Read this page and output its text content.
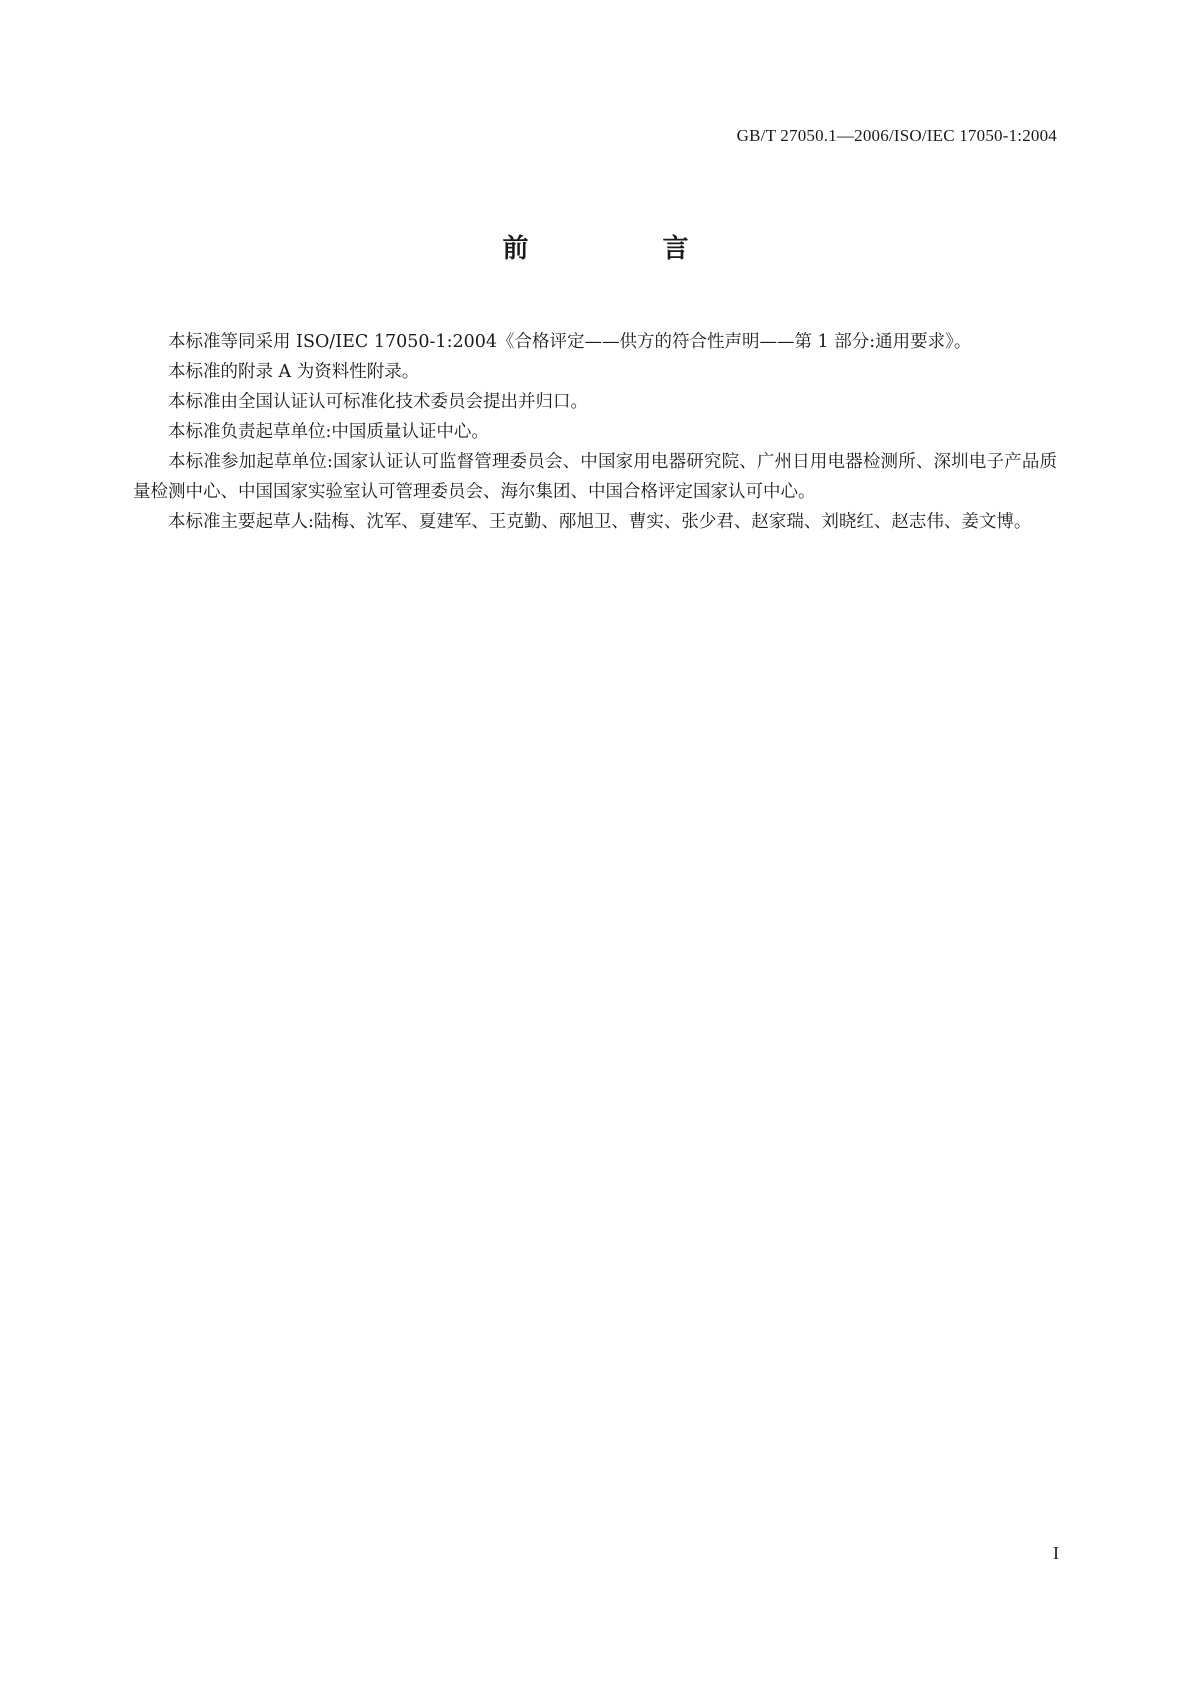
GB/T 27050.1—2006/ISO/IEC 17050-1:2004
前　言

本标准等同采用 ISO/IEC 17050-1:2004《合格评定——供方的符合性声明——第 1 部分:通用要求》。

本标准的附录 A 为资料性附录。

本标准由全国认证认可标准化技术委员会提出并归口。

本标准负责起草单位:中国质量认证中心。

本标准参加起草单位:国家认证认可监督管理委员会、中国家用电器研究院、广州日用电器检测所、深圳电子产品质量检测中心、中国国家实验室认可管理委员会、海尔集团、中国合格评定国家认可中心。

本标准主要起草人:陆梅、沈军、夏建军、王克勤、邴旭卫、曹实、张少君、赵家瑞、刘晓红、赵志伟、姜文博。

I
